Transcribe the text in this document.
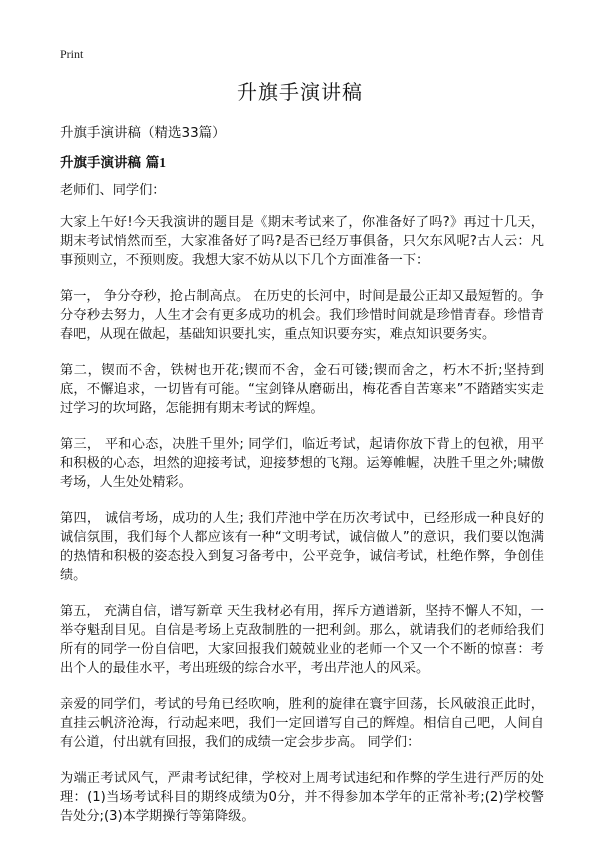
Print
升旗手演讲稿

升旗手演讲稿（精选33篇）

升旗手演讲稿 篇1

老师们、同学们：

大家上午好!今天我演讲的题目是《期末考试来了，你准备好了吗?》再过十几天，期末考试悄然而至，大家准备好了吗?是否已经万事俱备，只欠东风呢?古人云：凡事预则立，不预则废。我想大家不妨从以下几个方面准备一下：

第一， 争分夺秒，抢占制高点。 在历史的长河中，时间是最公正却又最短暂的。争分夺秒去努力，人生才会有更多成功的机会。我们珍惜时间就是珍惜青春。珍惜青春吧，从现在做起，基础知识要扎实，重点知识要夯实，难点知识要务实。

第二，锲而不舍，铁树也开花;锲而不舍，金石可镂;锲而舍之，朽木不折;坚持到底，不懈追求，一切皆有可能。“宝剑锋从磨砺出，梅花香自苦寒来”不踏踏实实走过学习的坎坷路，怎能拥有期末考试的辉煌。

第三， 平和心态，决胜千里外; 同学们，临近考试，起请你放下背上的包袱，用平和积极的心态，坦然的迎接考试，迎接梦想的飞翔。运筹帷幄，决胜千里之外;啸傲考场，人生处处精彩。

第四， 诚信考场，成功的人生; 我们芹池中学在历次考试中，已经形成一种良好的诚信氛围，我们每个人都应该有一种“文明考试，诚信做人”的意识，我们要以饱满的热情和积极的姿态投入到复习备考中，公平竞争，诚信考试，杜绝作弊，争创佳绩。

第五， 充满自信，谱写新章 天生我材必有用，挥斥方遒谱新，坚持不懈人不知，一举夺魁刮目见。自信是考场上克敌制胜的一把利剑。那么，就请我们的老师给我们所有的同学一份自信吧，大家回报我们兢兢业业的老师一个又一个不断的惊喜：考出个人的最佳水平，考出班级的综合水平，考出芹池人的风采。

亲爱的同学们，考试的号角已经吹响，胜利的旋律在寰宇回荡，长风破浪正此时，直挂云帆济沧海，行动起来吧，我们一定回谱写自己的辉煌。相信自己吧，人间自有公道，付出就有回报，我们的成绩一定会步步高。 同学们：

为端正考试风气，严肃考试纪律，学校对上周考试违纪和作弊的学生进行严厉的处理：(1)当场考试科目的期终成绩为0分，并不得参加本学年的正常补考;(2)学校警告处分;(3)本学期操行等第降级。
